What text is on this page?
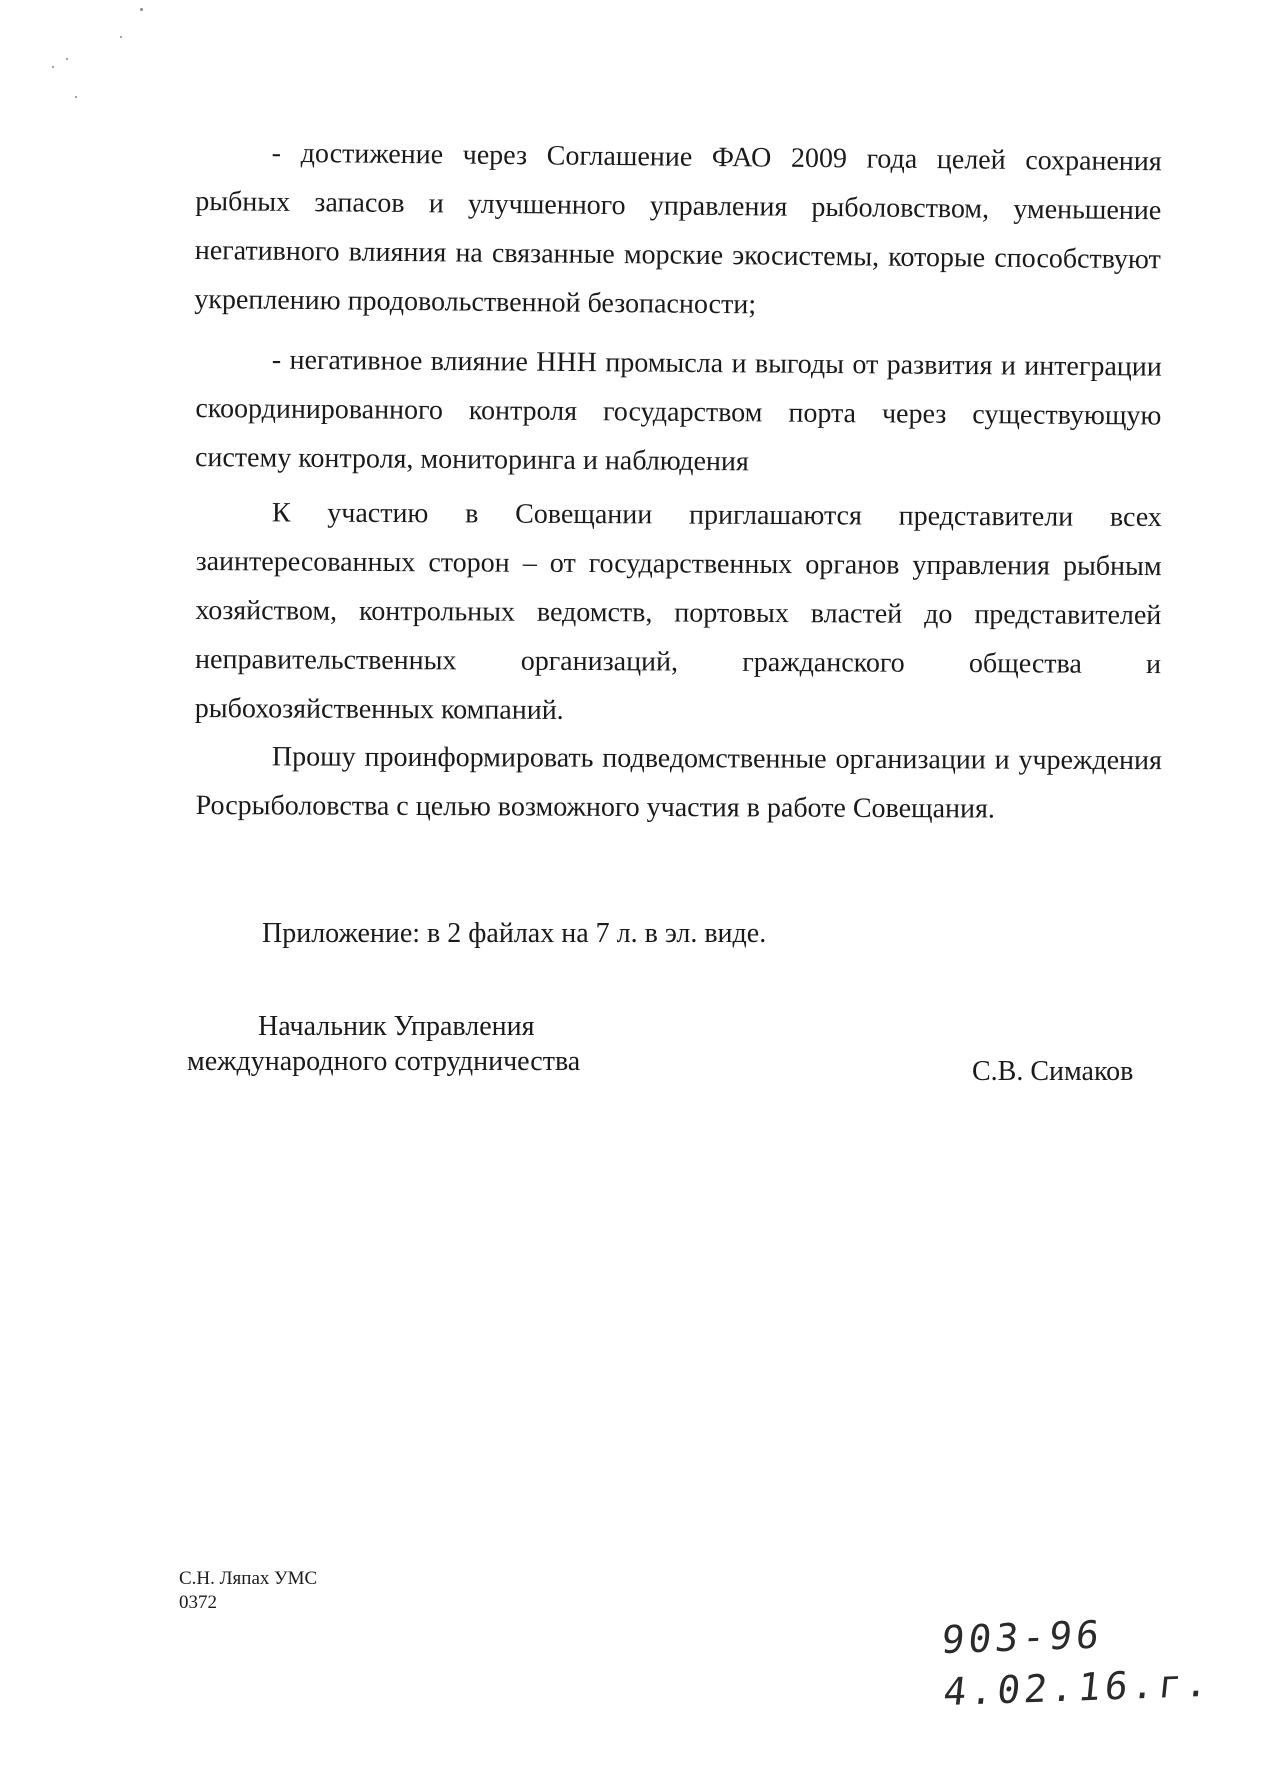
- достижение через Соглашение ФАО 2009 года целей сохранения рыбных запасов и улучшенного управления рыболовством, уменьшение негативного влияния на связанные морские экосистемы, которые способствуют укреплению продовольственной безопасности;

- негативное влияние ННН промысла и выгоды от развития и интеграции скоординированного контроля государством порта через существующую систему контроля, мониторинга и наблюдения

К участию в Совещании приглашаются представители всех заинтересованных сторон – от государственных органов управления рыбным хозяйством, контрольных ведомств, портовых властей до представителей неправительственных организаций, гражданского общества и рыбохозяйственных компаний.

Прошу проинформировать подведомственные организации и учреждения Росрыболовства с целью возможного участия в работе Совещания.

Приложение: в 2 файлах на 7 л. в эл. виде.

Начальник Управления

международного сотрудничества	С.В. Симаков

С.Н. Ляпах УМС

0372

903-96

4.02.16.г.
